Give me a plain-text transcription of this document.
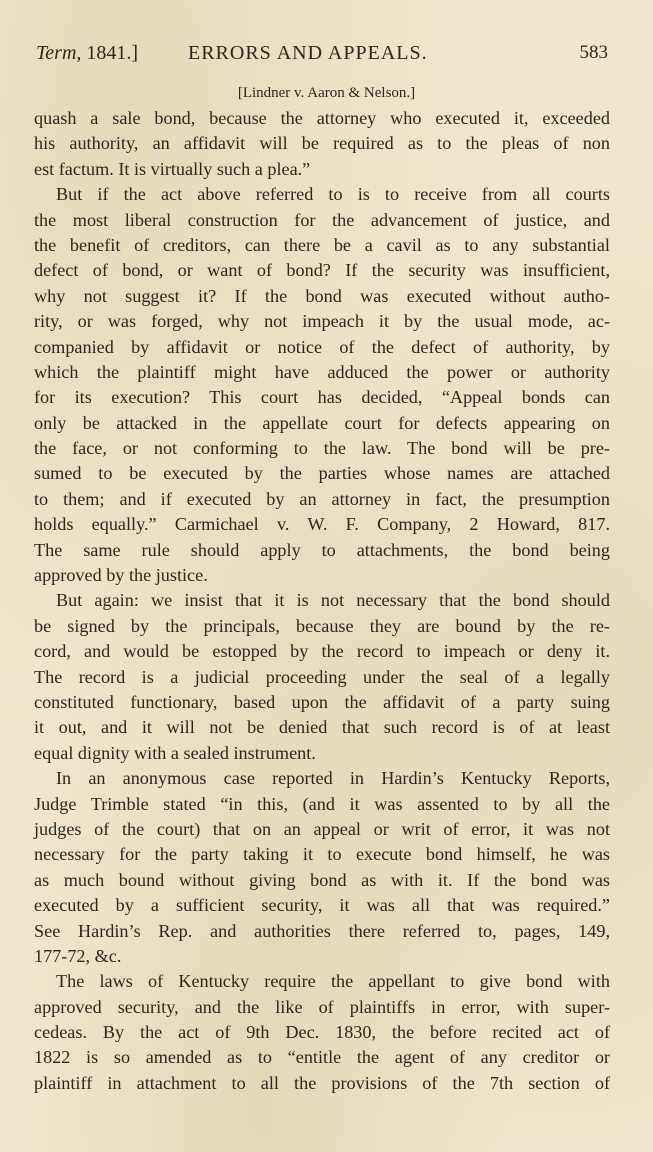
Term, 1841.] ERRORS AND APPEALS.	583
[Lindner v. Aaron & Nelson.]
quash a sale bond, because the attorney who executed it, exceeded
his authority, an affidavit will be required as to the pleas of non
est factum. It is virtually such a plea.”
But if the act above referred to is to receive from all courts
the most liberal construction for the advancement of justice, and
the benefit of creditors, can there be a cavil as to any substantial
defect of bond, or want of bond? If the security was insufficient,
why not suggest it? If the bond was executed without autho-
rity, or was forged, why not impeach it by the usual mode, ac-
companied by affidavit or notice of the defect of authority, by
which the plaintiff might have adduced the power or authority
for its execution? This court has decided, “Appeal bonds can
only be attacked in the appellate court for defects appearing on
the face, or not conforming to the law. The bond will be pre-
sumed to be executed by the parties whose names are attached
to them; and if executed by an attorney in fact, the presumption
holds equally.” Carmichael v. W. F. Company, 2 Howard, 817.
The same rule should apply to attachments, the bond being
approved by the justice.
But again: we insist that it is not necessary that the bond should
be signed by the principals, because they are bound by the re-
cord, and would be estopped by the record to impeach or deny it.
The record is a judicial proceeding under the seal of a legally
constituted functionary, based upon the affidavit of a party suing
it out, and it will not be denied that such record is of at least
equal dignity with a sealed instrument.
In an anonymous case reported in Hardin’s Kentucky Reports,
Judge Trimble stated “in this, (and it was assented to by all the
judges of the court) that on an appeal or writ of error, it was not
necessary for the party taking it to execute bond himself, he was
as much bound without giving bond as with it. If the bond was
executed by a sufficient security, it was all that was required.”
See Hardin’s Rep. and authorities there referred to, pages, 149,
177-72, &c.
The laws of Kentucky require the appellant to give bond with
approved security, and the like of plaintiffs in error, with super-
cedeas. By the act of 9th Dec. 1830, the before recited act of
1822 is so amended as to “entitle the agent of any creditor or
plaintiff in attachment to all the provisions of the 7th section of
